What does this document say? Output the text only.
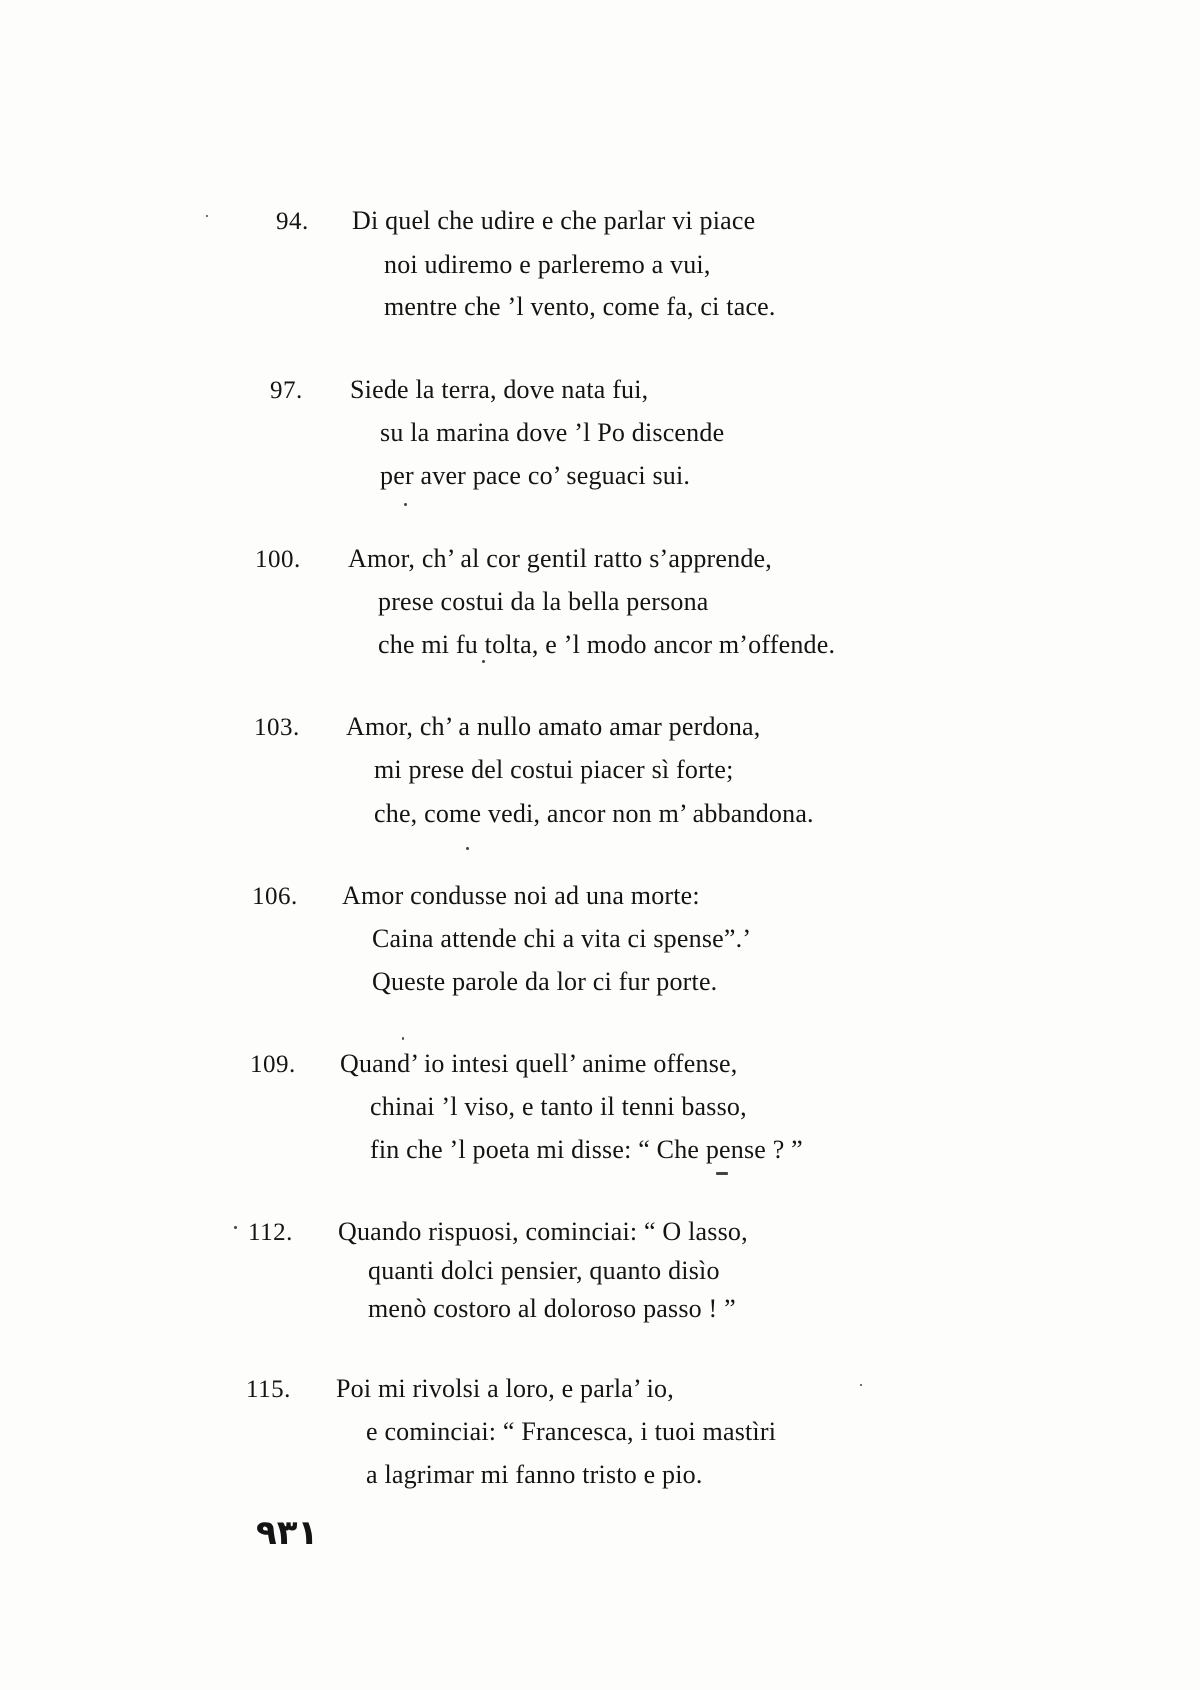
94. Di quel che udire e che parlar vi piace
noi udiremo e parleremo a vui,
mentre che ’l vento, come fa, ci tace.
97. Siede la terra, dove nata fui,
su la marina dove ’l Po discende
per aver pace co’ seguaci sui.
100. Amor, ch’ al cor gentil ratto s’apprende,
prese costui da la bella persona
che mi fu tolta, e ’l modo ancor m’offende.
103. Amor, ch’ a nullo amato amar perdona,
mi prese del costui piacer sì forte;
che, come vedi, ancor non m’ abbandona.
106. Amor condusse noi ad una morte:
Caina attende chi a vita ci spense”.’
Queste parole da lor ci fur porte.
109. Quand’ io intesi quell’ anime offense,
chinai ’l viso, e tanto il tenni basso,
fin che ’l poeta mi disse: “ Che pense ? ”
112. Quando rispuosi, cominciai: “ O lasso,
quanti dolci pensier, quanto disìo
menò costoro al doloroso passo ! ”
115. Poi mi rivolsi a loro, e parla’ io,
e cominciai: “ Francesca, i tuoi mastìri
a lagrimar mi fanno tristo e pio.
١٣٩
